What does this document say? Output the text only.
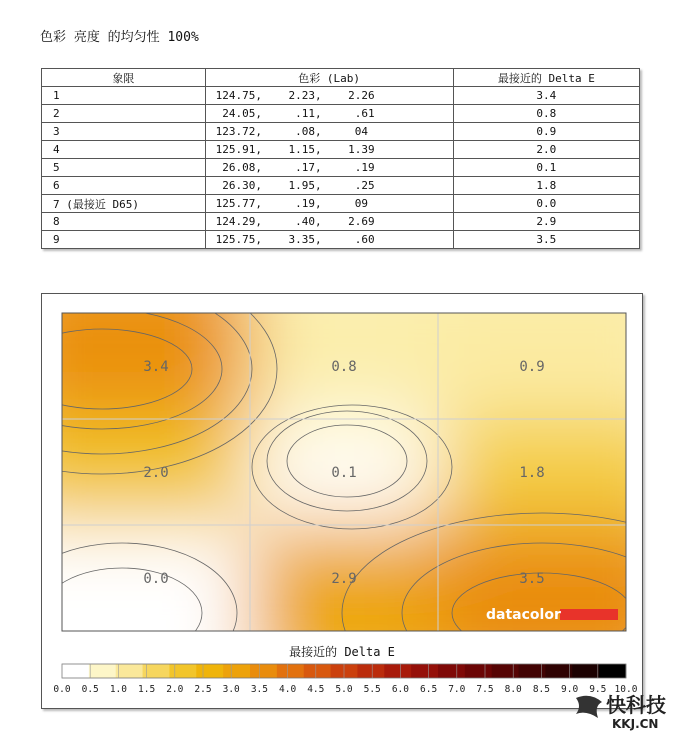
色彩 亮度 的均匀性 100%
象限	色彩 (Lab)	最接近的 Delta E
1	124.75,    2.23,    2.26	3.4
2	24.05,     .11,     .61	0.8
3	123.72,     .08,     04	0.9
4	125.91,    1.15,    1.39	2.0
5	26.08,     .17,     .19	0.1
6	26.30,    1.95,     .25	1.8
7 (最接近 D65)	125.77,     .19,     09	0.0
8	124.29,     .40,    2.69	2.9
9	125.75,    3.35,     .60	3.5
3.4	0.8	0.9
2.0	0.1	1.8
0.0	2.9	3.5
datacolor
最接近的 Delta E
0.0 0.5 1.0 1.5 2.0 2.5 3.0 3.5 4.0 4.5 5.0 5.5 6.0 6.5 7.0 7.5 8.0 8.5 9.0 9.5 10.0
快科技
KKJ.CN
